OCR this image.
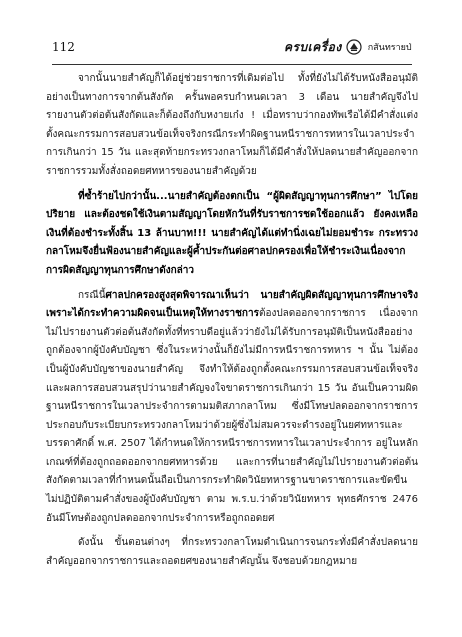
112	ครบเครื่อง	กสันทรายป่

จากนั้นนายสำคัญก็ได้อยู่ช่วยราชการที่เดิมต่อไป ทั้งที่ยังไม่ได้รับหนังสืออนุมัติอย่างเป็นทางการจากต้นสังกัด ครั้นพอครบกำหนดเวลา 3 เดือน นายสำคัญจึงไปรายงานตัวต่อต้นสังกัดและก็ต้องถึงกับหงายเก๋ง ! เมื่อทราบว่ากองทัพเรือได้มีคำสั่งแต่งตั้งคณะกรรมการสอบสวนข้อเท็จจริงกรณีกระทำผิดฐานหนีราชการทหารในเวลาประจำการเกินกว่า 15 วัน และสุดท้ายกระทรวงกลาโหมก็ได้มีคำสั่งให้ปลดนายสำคัญออกจากราชการรวมทั้งสั่งถอดยศทหารของนายสำคัญด้วย

ที่ซ้ำร้ายไปกว่านั้น...นายสำคัญต้องตกเป็น “ผู้ผิดสัญญาทุนการศึกษา” ไปโดยปริยาย และต้องชดใช้เงินตามสัญญาโดยหักวันที่รับราชการชดใช้ออกแล้ว ยังคงเหลือเงินที่ต้องชำระทั้งสิ้น 13 ล้านบาท!!! นายสำคัญได้แต่ทำนิ่งเฉยไม่ยอมชำระ กระทรวงกลาโหมจึงยื่นฟ้องนายสำคัญและผู้ค้ำประกันต่อศาลปกครองเพื่อให้ชำระเงินเนื่องจากการผิดสัญญาทุนการศึกษาดังกล่าว

กรณีนี้ศาลปกครองสูงสุดพิจารณาเห็นว่า นายสำคัญผิดสัญญาทุนการศึกษาจริง เพราะได้กระทำความผิดจนเป็นเหตุให้ทางราชการต้องปลดออกจากราชการ เนื่องจากไม่ไปรายงานตัวต่อต้นสังกัดทั้งที่ทราบดีอยู่แล้วว่ายังไม่ได้รับการอนุมัติเป็นหนังสืออย่างถูกต้องจากผู้บังคับบัญชา ซึ่งในระหว่างนั้นก็ยังไม่มีการหนีราชการทหาร ฯ นั้น ไม่ต้องเป็นผู้บังคับบัญชาของนายสำคัญ จึงทำให้ต้องถูกตั้งคณะกรรมการสอบสวนข้อเท็จจริงและผลการสอบสวนสรุปว่านายสำคัญจงใจขาดราชการเกินกว่า 15 วัน อันเป็นความผิดฐานหนีราชการในเวลาประจำการตามมติสภากลาโหม ซึ่งมีโทษปลดออกจากราชการ ประกอบกับระเบียบกระทรวงกลาโหมว่าด้วยผู้ซึ่งไม่สมควรจะดำรงอยู่ในยศทหารและบรรดาศักดิ์ พ.ศ. 2507 ได้กำหนดให้การหนีราชการทหารในเวลาประจำการ อยู่ในหลักเกณฑ์ที่ต้องถูกถอดออกจากยศทหารด้วย และการที่นายสำคัญไม่ไปรายงานตัวต่อต้นสังกัดตามเวลาที่กำหนดนั้นถือเป็นการกระทำผิดวินัยทหารฐานขาดราชการและขัดขืนไม่ปฏิบัติตามคำสั่งของผู้บังคับบัญชา ตาม พ.ร.บ.ว่าด้วยวินัยทหาร พุทธศักราช 2476 อันมีโทษต้องถูกปลดออกจากประจำการหรือถูกถอดยศ

ดังนั้น ขั้นตอนต่างๆ ที่กระทรวงกลาโหมดำเนินการจนกระทั่งมีคำสั่งปลดนายสำคัญออกจากราชการและถอดยศของนายสำคัญนั้น จึงชอบด้วยกฎหมาย
